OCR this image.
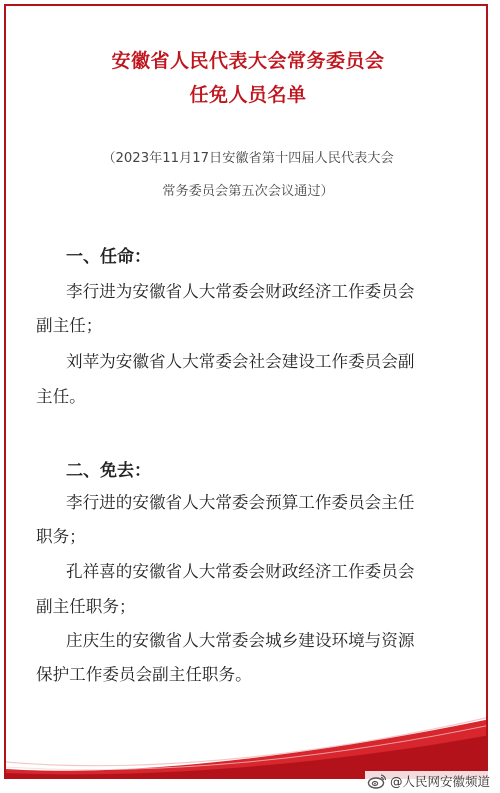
安徽省人民代表大会常务委员会
任免人员名单
（2023年11月17日安徽省第十四届人民代表大会
常务委员会第五次会议通过）
一、任命：
李行进为安徽省人大常委会财政经济工作委员会
副主任；
刘苹为安徽省人大常委会社会建设工作委员会副
主任。
二、免去：
李行进的安徽省人大常委会预算工作委员会主任
职务；
孔祥喜的安徽省人大常委会财政经济工作委员会
副主任职务；
庄庆生的安徽省人大常委会城乡建设环境与资源
保护工作委员会副主任职务。
@人民网安徽频道
